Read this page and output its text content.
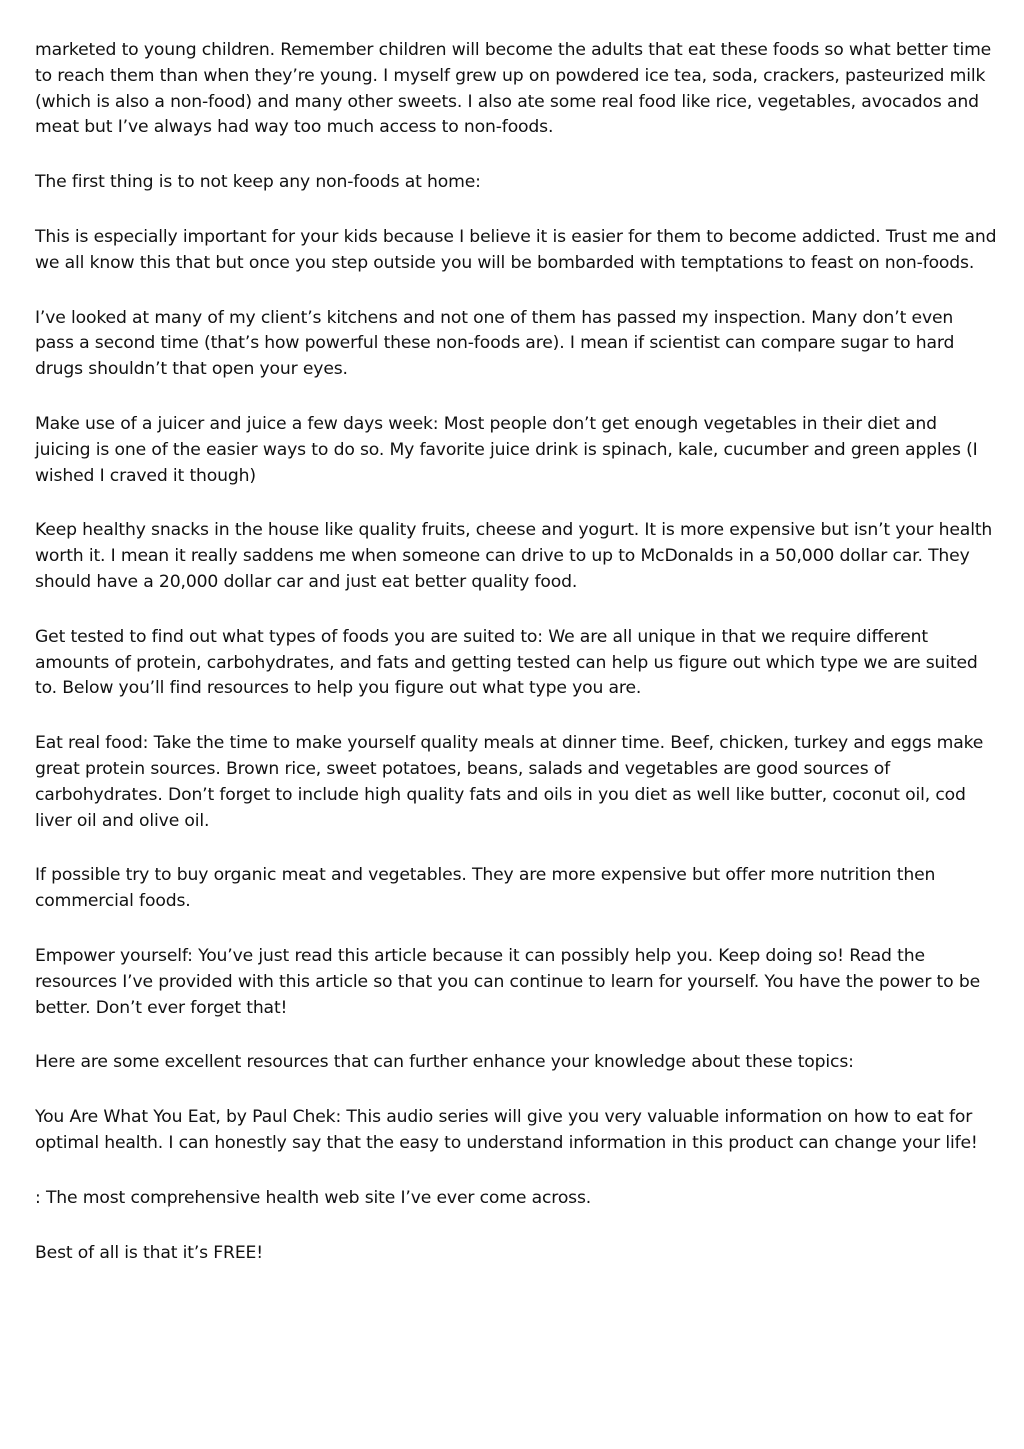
marketed to young children. Remember children will become the adults that eat these foods so what better time to reach them than when they’re young. I myself grew up on powdered ice tea, soda, crackers, pasteurized milk (which is also a non-food) and many other sweets. I also ate some real food like rice, vegetables, avocados and meat but I’ve always had way too much access to non-foods.

The first thing is to not keep any non-foods at home:

This is especially important for your kids because I believe it is easier for them to become addicted. Trust me and we all know this that but once you step outside you will be bombarded with temptations to feast on non-foods.

I’ve looked at many of my client’s kitchens and not one of them has passed my inspection. Many don’t even pass a second time (that’s how powerful these non-foods are). I mean if scientist can compare sugar to hard drugs shouldn’t that open your eyes.

Make use of a juicer and juice a few days week: Most people don’t get enough vegetables in their diet and juicing is one of the easier ways to do so. My favorite juice drink is spinach, kale, cucumber and green apples (I wished I craved it though)

Keep healthy snacks in the house like quality fruits, cheese and yogurt. It is more expensive but isn’t your health worth it. I mean it really saddens me when someone can drive to up to McDonalds in a 50,000 dollar car. They should have a 20,000 dollar car and just eat better quality food.

Get tested to find out what types of foods you are suited to: We are all unique in that we require different amounts of protein, carbohydrates, and fats and getting tested can help us figure out which type we are suited to. Below you’ll find resources to help you figure out what type you are.

Eat real food: Take the time to make yourself quality meals at dinner time. Beef, chicken, turkey and eggs make great protein sources. Brown rice, sweet potatoes, beans, salads and vegetables are good sources of carbohydrates. Don’t forget to include high quality fats and oils in you diet as well like butter, coconut oil, cod liver oil and olive oil.

If possible try to buy organic meat and vegetables. They are more expensive but offer more nutrition then commercial foods.

Empower yourself: You’ve just read this article because it can possibly help you. Keep doing so! Read the resources I’ve provided with this article so that you can continue to learn for yourself. You have the power to be better. Don’t ever forget that!

Here are some excellent resources that can further enhance your knowledge about these topics:

You Are What You Eat, by Paul Chek: This audio series will give you very valuable information on how to eat for optimal health. I can honestly say that the easy to understand information in this product can change your life!

: The most comprehensive health web site I’ve ever come across.

Best of all is that it’s FREE!
